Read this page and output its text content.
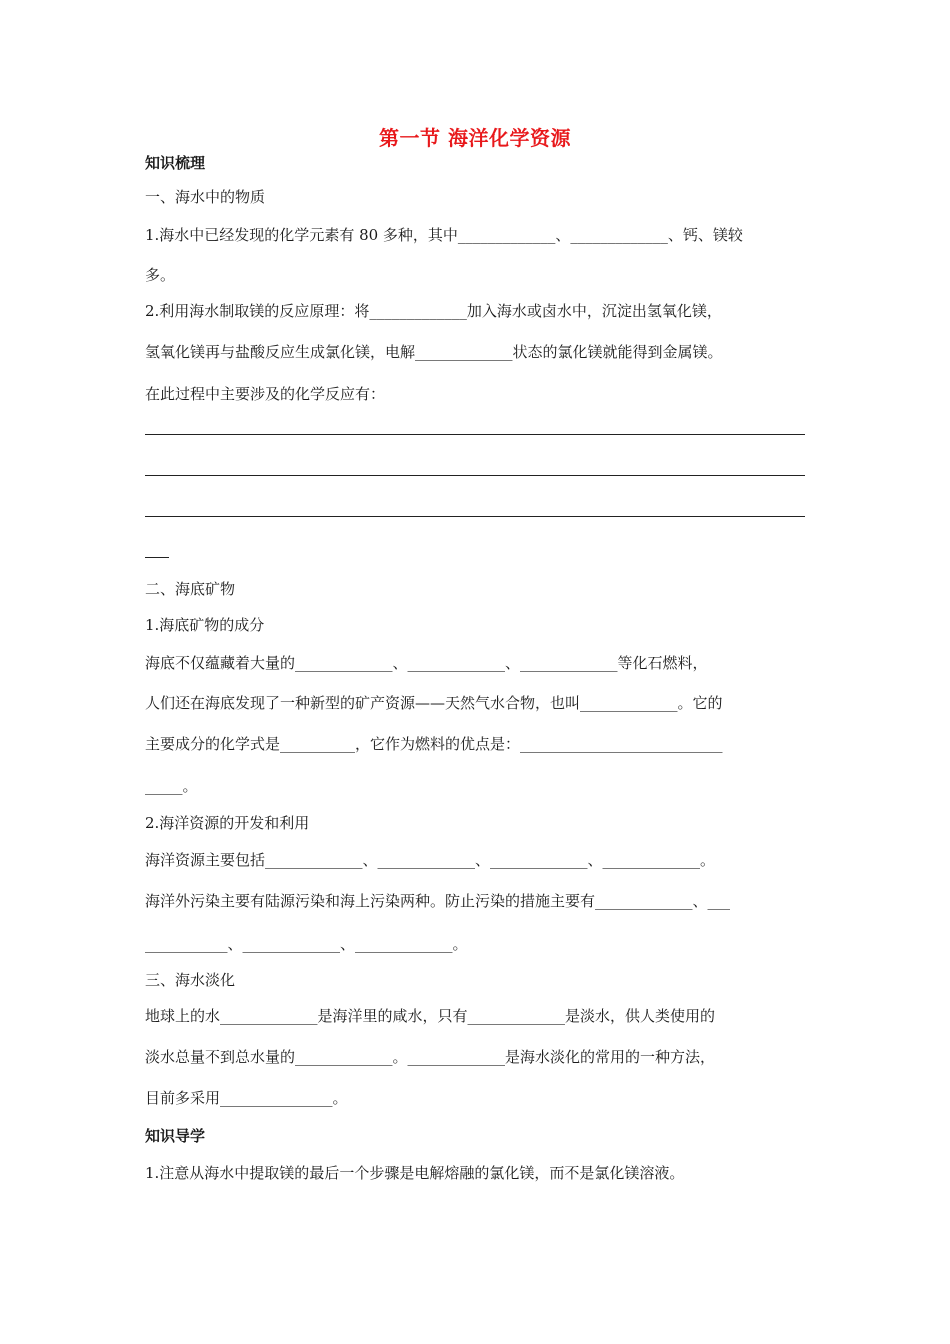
第一节 海洋化学资源
知识梳理
一、海水中的物质
1.海水中已经发现的化学元素有 80 多种，其中_____________、_____________、钙、镁较
多。
2.利用海水制取镁的反应原理：将_____________加入海水或卤水中，沉淀出氢氧化镁，
氢氧化镁再与盐酸反应生成氯化镁，电解_____________状态的氯化镁就能得到金属镁。
在此过程中主要涉及的化学反应有：
二、海底矿物
1.海底矿物的成分
海底不仅蕴藏着大量的_____________、_____________、_____________等化石燃料，
人们还在海底发现了一种新型的矿产资源——天然气水合物，也叫_____________。它的
主要成分的化学式是__________，它作为燃料的优点是：___________________________
_____。
2.海洋资源的开发和利用
海洋资源主要包括_____________、_____________、_____________、_____________。
海洋外污染主要有陆源污染和海上污染两种。防止污染的措施主要有_____________、___
___________、_____________、_____________。
三、海水淡化
地球上的水_____________是海洋里的咸水，只有_____________是淡水，供人类使用的
淡水总量不到总水量的_____________。_____________是海水淡化的常用的一种方法，
目前多采用_______________。
知识导学
1.注意从海水中提取镁的最后一个步骤是电解熔融的氯化镁，而不是氯化镁溶液。
